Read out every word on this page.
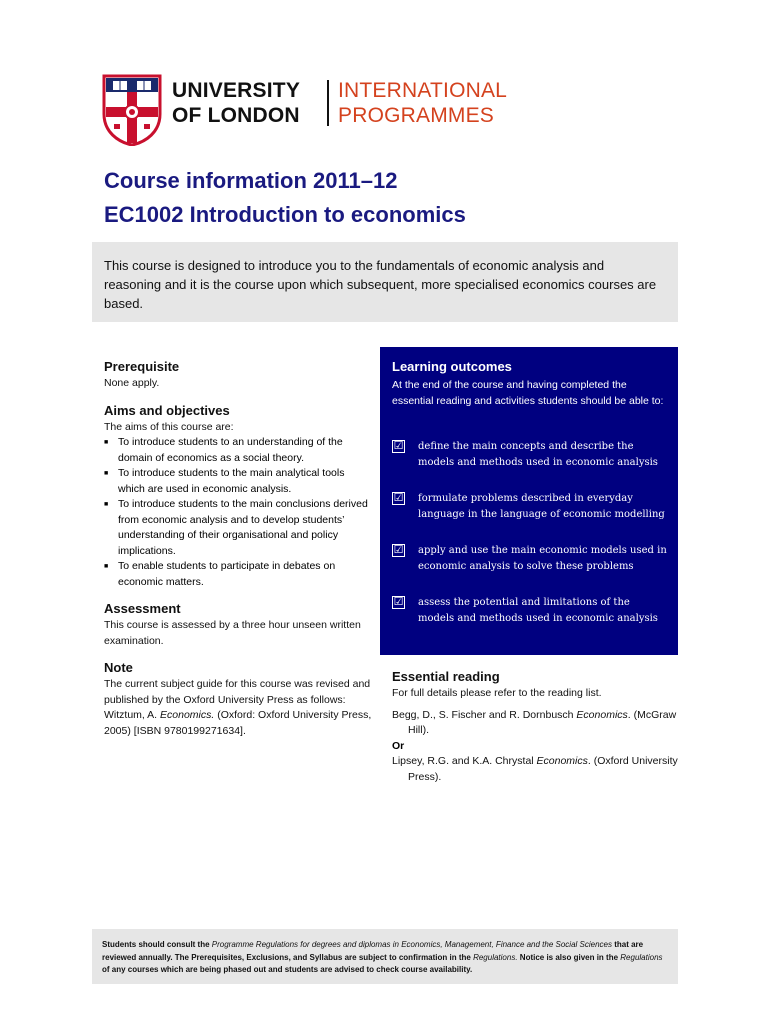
UNIVERSITY
OF LONDON
INTERNATIONAL
PROGRAMMES
Course information 2011–12
EC1002 Introduction to economics

This course is designed to introduce you to the fundamentals of economic analysis and reasoning and it is the course upon which subsequent, more specialised economics courses are based.

Prerequisite

None apply.

Aims and objectives

The aims of this course are:

■ To introduce students to an understanding of the domain of economics as a social theory.
■ To introduce students to the main analytical tools which are used in economic analysis.
■ To introduce students to the main conclusions derived from economic analysis and to develop students’ understanding of their organisational and policy implications.
■ To enable students to participate in debates on economic matters.

Assessment

This course is assessed by a three hour unseen written examination.

Note

The current subject guide for this course was revised and published by the Oxford University Press as follows: Witztum, A. Economics. (Oxford: Oxford University Press, 2005) [ISBN 9780199271634].

Learning outcomes

At the end of the course and having completed the essential reading and activities students should be able to:

☑ define the main concepts and describe the models and methods used in economic analysis

☑ formulate problems described in everyday language in the language of economic modelling

☑ apply and use the main economic models used in economic analysis to solve these problems

☑ assess the potential and limitations of the models and methods used in economic analysis

Essential reading

For full details please refer to the reading list.

Begg, D., S. Fischer and R. Dornbusch Economics. (McGraw Hill).

Or

Lipsey, R.G. and K.A. Chrystal Economics. (Oxford University Press).

Students should consult the Programme Regulations for degrees and diplomas in Economics, Management, Finance and the Social Sciences that are reviewed annually. The Prerequisites, Exclusions, and Syllabus are subject to confirmation in the Regulations. Notice is also given in the Regulations of any courses which are being phased out and students are advised to check course availability.
